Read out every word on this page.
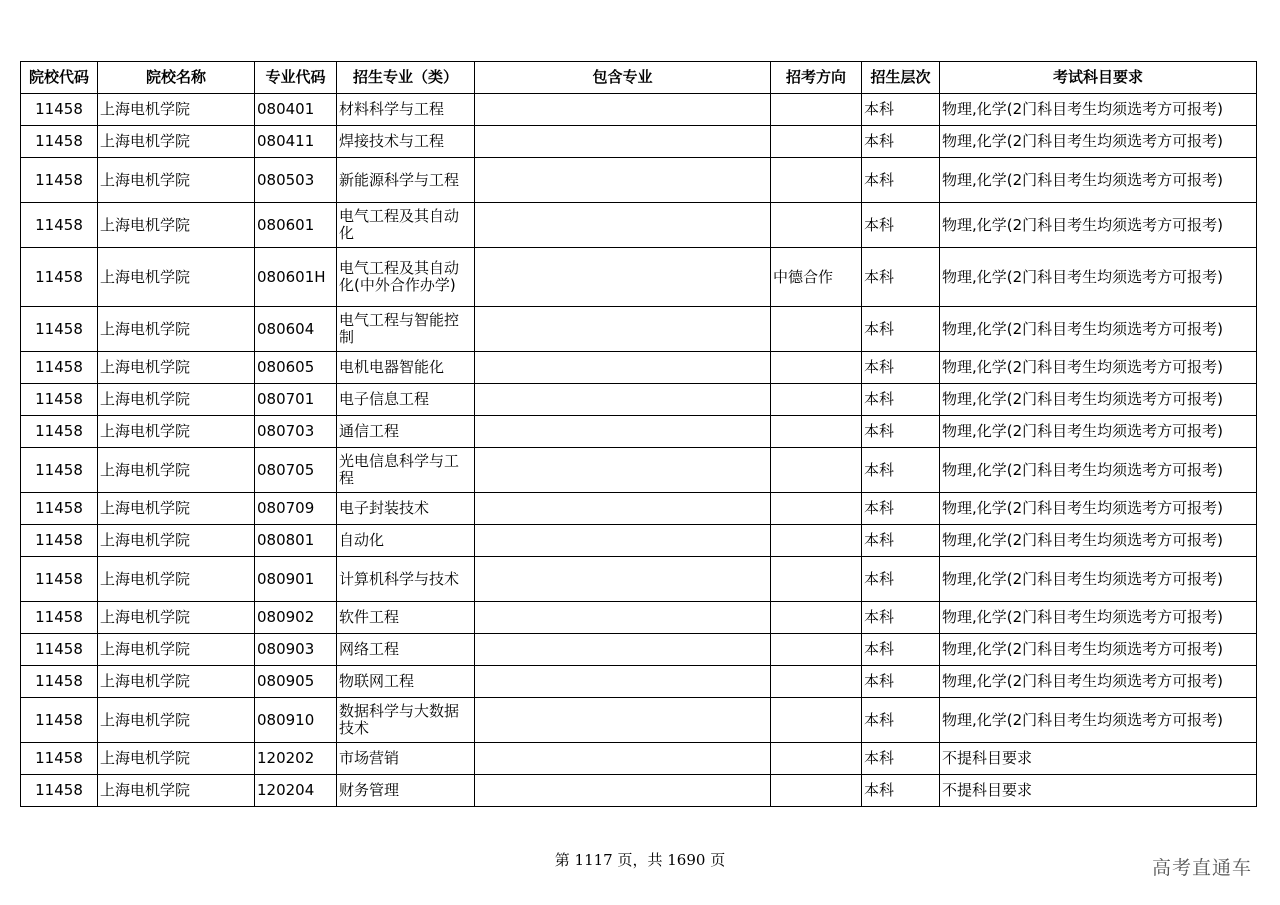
院校代码	院校名称	专业代码	招生专业（类）	包含专业	招考方向	招生层次	考试科目要求
11458	上海电机学院	080401	材料科学与工程			本科	物理,化学(2门科目考生均须选考方可报考)
11458	上海电机学院	080411	焊接技术与工程			本科	物理,化学(2门科目考生均须选考方可报考)
11458	上海电机学院	080503	新能源科学与工程			本科	物理,化学(2门科目考生均须选考方可报考)
11458	上海电机学院	080601	电气工程及其自动化			本科	物理,化学(2门科目考生均须选考方可报考)
11458	上海电机学院	080601H	电气工程及其自动化(中外合作办学)		中德合作	本科	物理,化学(2门科目考生均须选考方可报考)
11458	上海电机学院	080604	电气工程与智能控制			本科	物理,化学(2门科目考生均须选考方可报考)
11458	上海电机学院	080605	电机电器智能化			本科	物理,化学(2门科目考生均须选考方可报考)
11458	上海电机学院	080701	电子信息工程			本科	物理,化学(2门科目考生均须选考方可报考)
11458	上海电机学院	080703	通信工程			本科	物理,化学(2门科目考生均须选考方可报考)
11458	上海电机学院	080705	光电信息科学与工程			本科	物理,化学(2门科目考生均须选考方可报考)
11458	上海电机学院	080709	电子封装技术			本科	物理,化学(2门科目考生均须选考方可报考)
11458	上海电机学院	080801	自动化			本科	物理,化学(2门科目考生均须选考方可报考)
11458	上海电机学院	080901	计算机科学与技术			本科	物理,化学(2门科目考生均须选考方可报考)
11458	上海电机学院	080902	软件工程			本科	物理,化学(2门科目考生均须选考方可报考)
11458	上海电机学院	080903	网络工程			本科	物理,化学(2门科目考生均须选考方可报考)
11458	上海电机学院	080905	物联网工程			本科	物理,化学(2门科目考生均须选考方可报考)
11458	上海电机学院	080910	数据科学与大数据技术			本科	物理,化学(2门科目考生均须选考方可报考)
11458	上海电机学院	120202	市场营销			本科	不提科目要求
11458	上海电机学院	120204	财务管理			本科	不提科目要求
第 1117 页，共 1690 页	高考直通车
